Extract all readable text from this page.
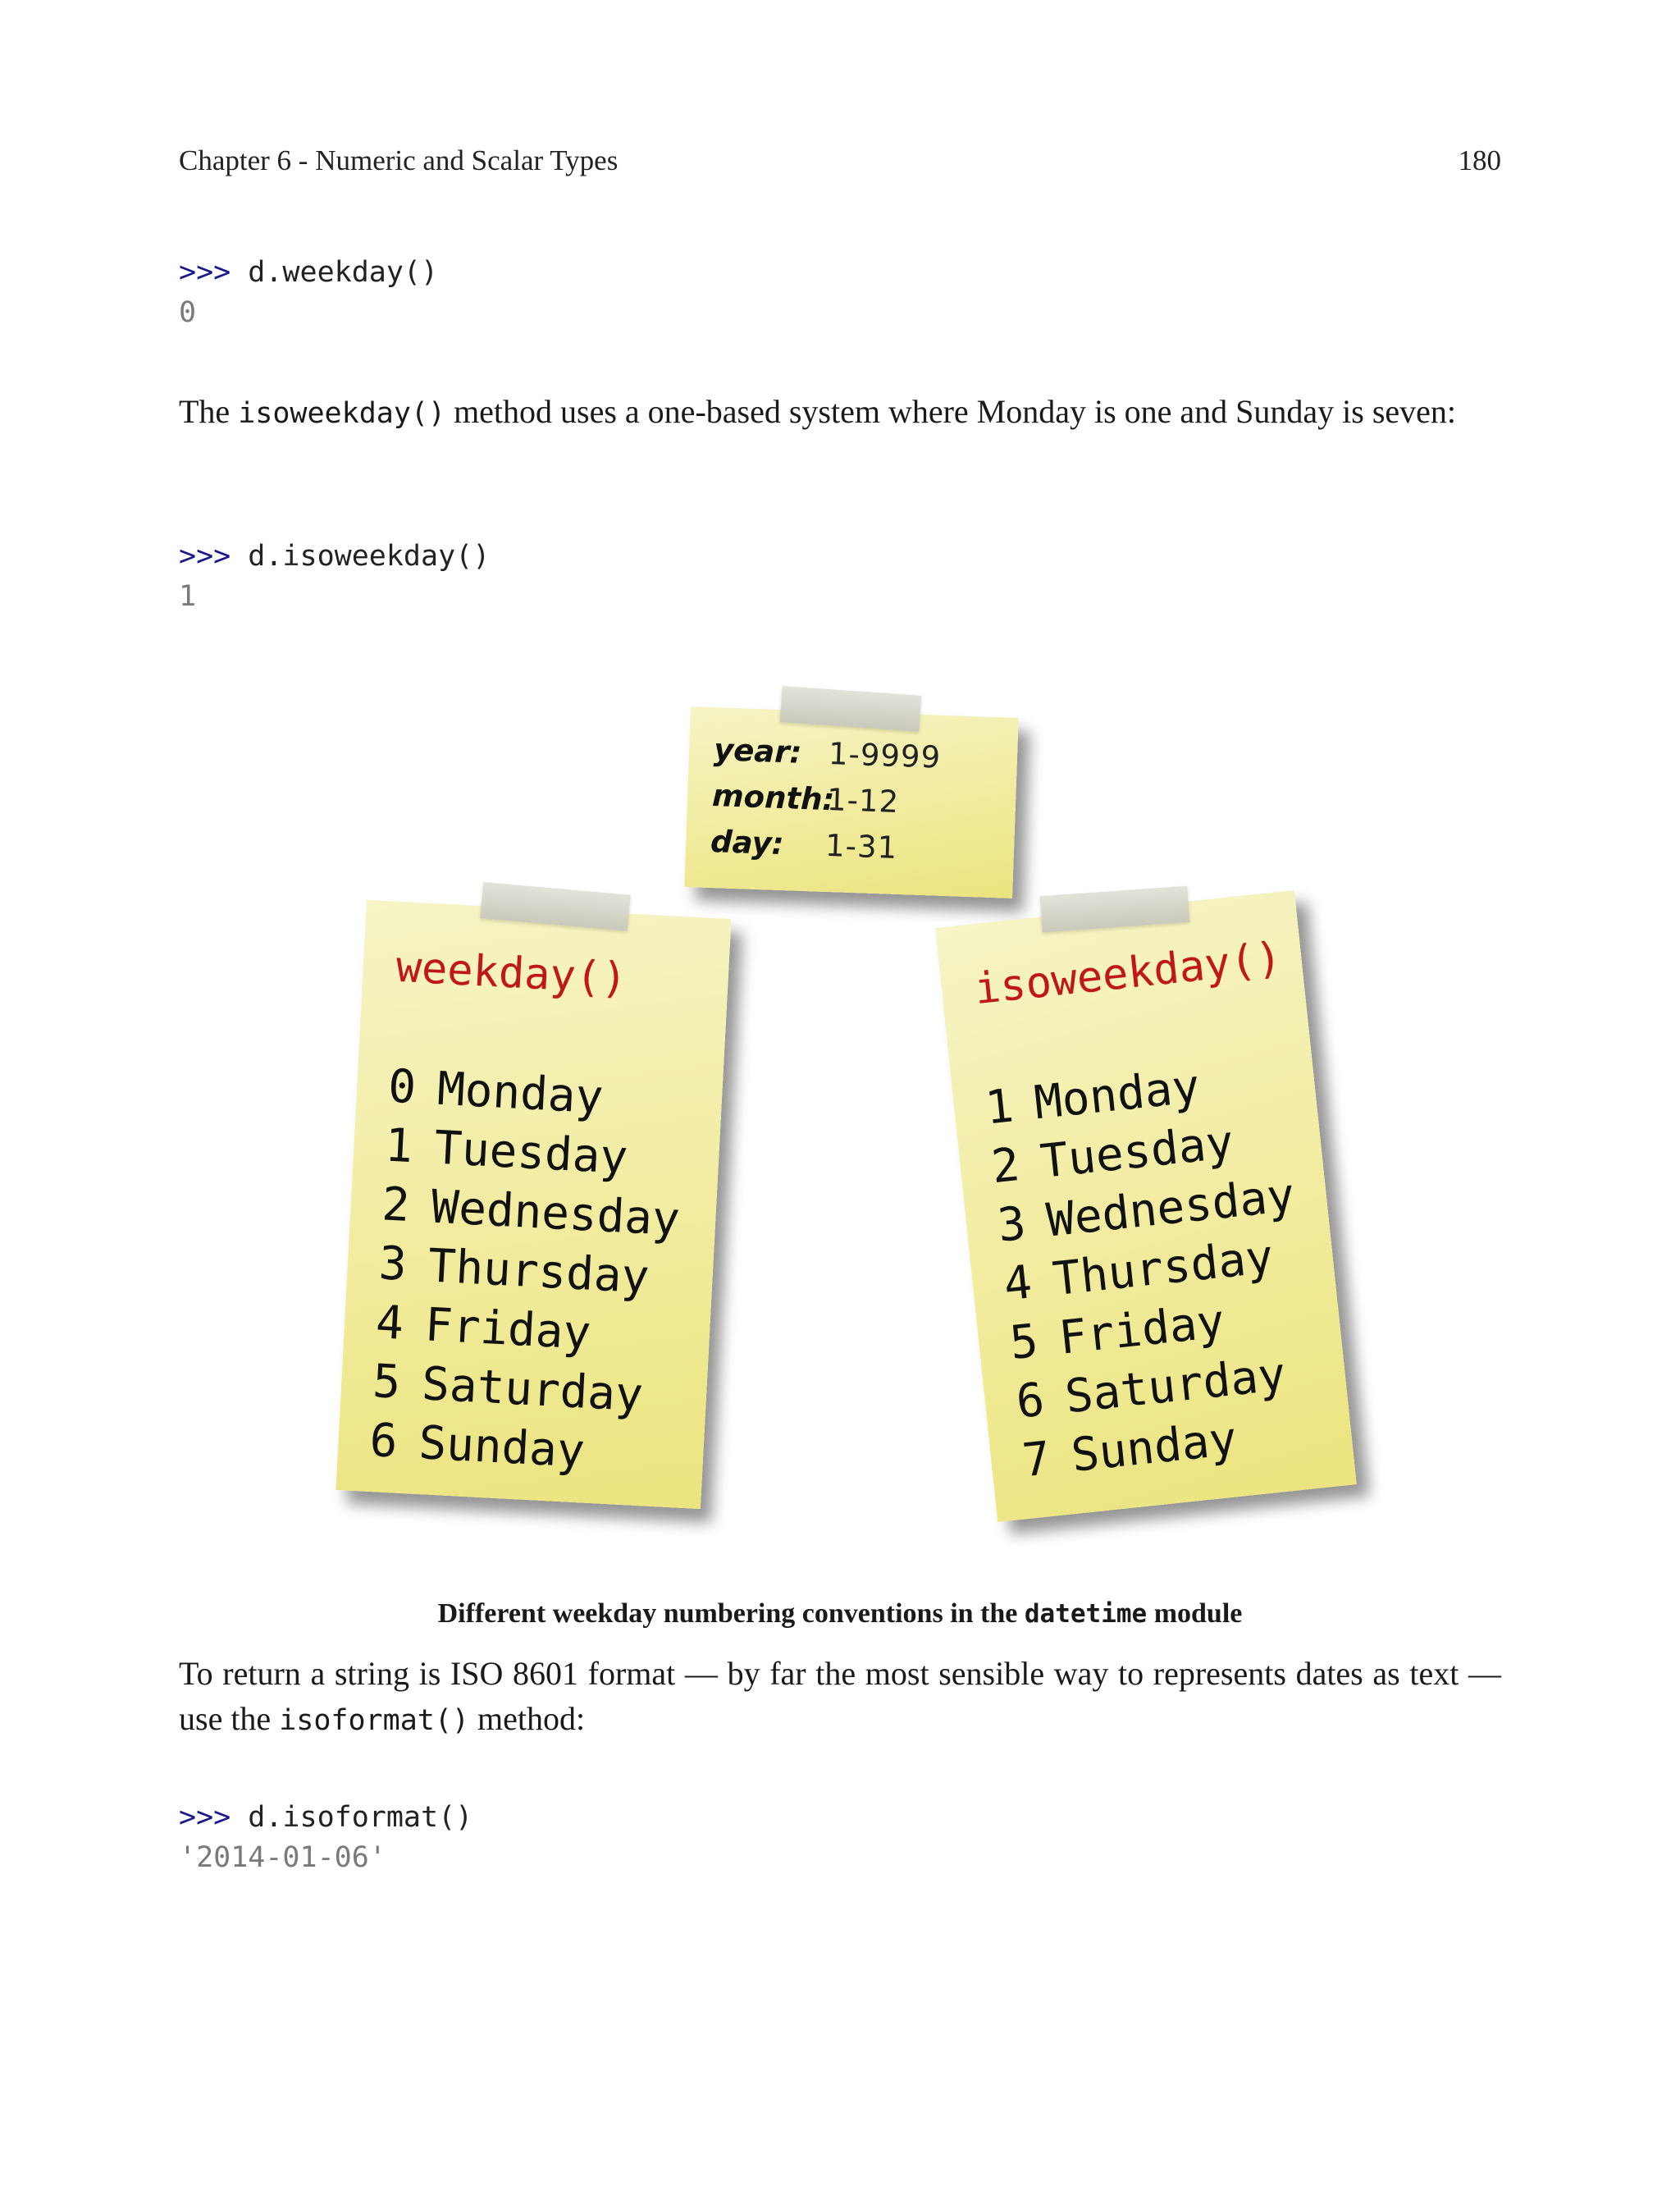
Chapter 6 - Numeric and Scalar Types	180
>>> d.weekday()
0

The isoweekday() method uses a one-based system where Monday is one and Sunday is seven:

>>> d.isoweekday()
1
year: 1-9999
month:
1-12
day:	1-31
weekday()
0 Monday
1 Tuesday
2 Wednesday
3 Thursday
4 Friday
5 Saturday
6 Sunday
isoweekday()
1 Monday
2 Tuesday
3 Wednesday
4 Thursday
5 Friday
6 Saturday
7 Sunday
Different weekday numbering conventions in the datetime module

To return a string is ISO 8601 format — by far the most sensible way to represents dates as text — use the isoformat() method:

>>> d.isoformat()
'2014-01-06'
